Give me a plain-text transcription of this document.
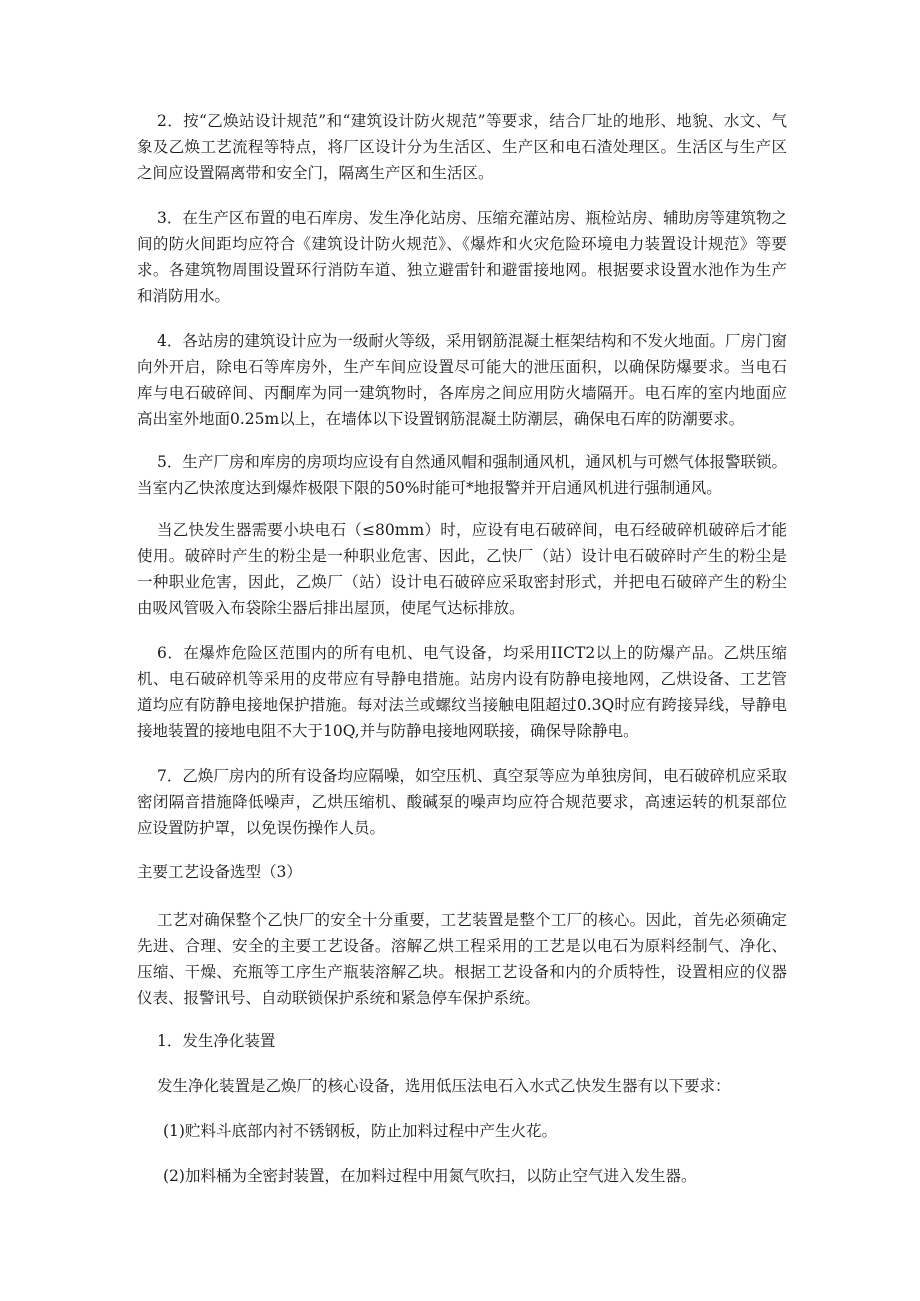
2．按“乙焕站设计规范”和“建筑设计防火规范”等要求，结合厂址的地形、地貌、水文、气象及乙焕工艺流程等特点，将厂区设计分为生活区、生产区和电石渣处理区。生活区与生产区之间应设置隔离带和安全门，隔离生产区和生活区。

3．在生产区布置的电石库房、发生净化站房、压缩充灌站房、瓶检站房、辅助房等建筑物之间的防火间距均应符合《建筑设计防火规范》、《爆炸和火灾危险环境电力装置设计规范》等要求。各建筑物周围设置环行消防车道、独立避雷针和避雷接地网。根据要求设置水池作为生产和消防用水。

4．各站房的建筑设计应为一级耐火等级，采用钢筋混凝土框架结构和不发火地面。厂房门窗向外开启，除电石等库房外，生产车间应设置尽可能大的泄压面积，以确保防爆要求。当电石库与电石破碎间、丙酮库为同一建筑物时，各库房之间应用防火墙隔开。电石库的室内地面应高出室外地面0.25m以上，在墙体以下设置钢筋混凝土防潮层，确保电石库的防潮要求。

5．生产厂房和库房的房项均应设有自然通风帽和强制通风机，通风机与可燃气体报警联锁。当室内乙快浓度达到爆炸极限下限的50%时能可*地报警并开启通风机进行强制通风。

当乙快发生器需要小块电石（≤80mm）时，应设有电石破碎间，电石经破碎机破碎后才能使用。破碎时产生的粉尘是一种职业危害、因此，乙快厂（站）设计电石破碎时产生的粉尘是一种职业危害，因此，乙焕厂（站）设计电石破碎应采取密封形式，并把电石破碎产生的粉尘由吸风管吸入布袋除尘器后排出屋顶，使尾气达标排放。

6．在爆炸危险区范围内的所有电机、电气设备，均采用IICT2以上的防爆产品。乙烘压缩机、电石破碎机等采用的皮带应有导静电措施。站房内设有防静电接地网，乙烘设备、工艺管道均应有防静电接地保护措施。每对法兰或螺纹当接触电阻超过0.3Q时应有跨接异线，导静电接地装置的接地电阻不大于10Q,并与防静电接地网联接，确保导除静电。

7．乙焕厂房内的所有设备均应隔噪，如空压机、真空泵等应为单独房间，电石破碎机应采取密闭隔音措施降低噪声，乙烘压缩机、酸碱泵的噪声均应符合规范要求，高速运转的机泵部位应设置防护罩，以免误伤操作人员。

主要工艺设备选型（3）

工艺对确保整个乙快厂的安全十分重要，工艺装置是整个工厂的核心。因此，首先必须确定先进、合理、安全的主要工艺设备。溶解乙烘工程采用的工艺是以电石为原料经制气、净化、压缩、干燥、充瓶等工序生产瓶装溶解乙块。根据工艺设备和内的介质特性，设置相应的仪器仪表、报警讯号、自动联锁保护系统和紧急停车保护系统。

1．发生净化装置

发生净化装置是乙焕厂的核心设备，选用低压法电石入水式乙快发生器有以下要求：

(1)贮料斗底部内衬不锈钢板，防止加料过程中产生火花。

(2)加料桶为全密封装置，在加料过程中用氮气吹扫，以防止空气进入发生器。
